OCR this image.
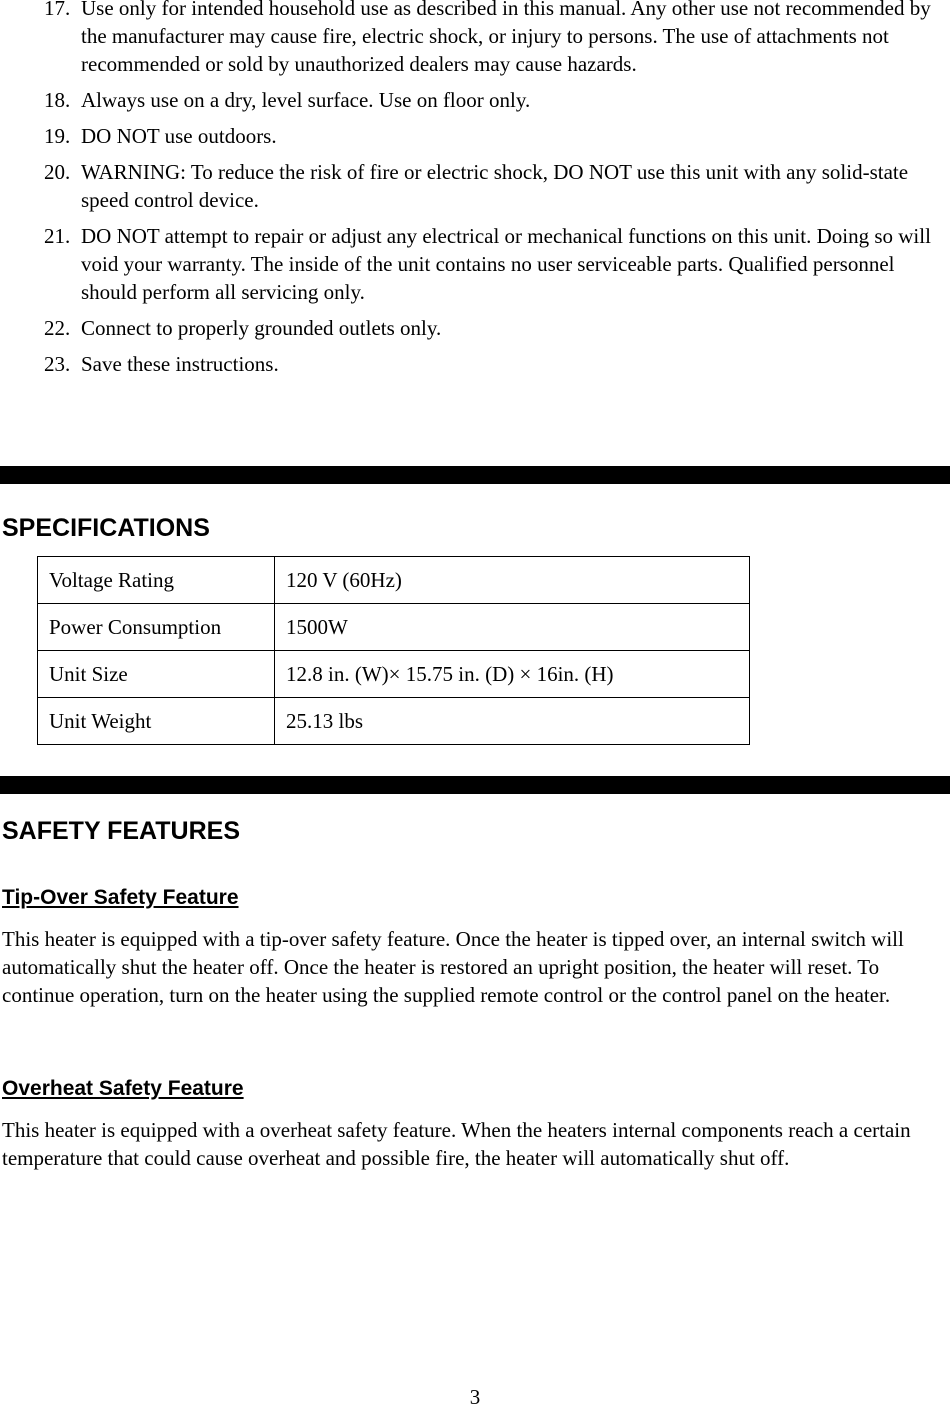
17. Use only for intended household use as described in this manual. Any other use not recommended by the manufacturer may cause fire, electric shock, or injury to persons. The use of attachments not recommended or sold by unauthorized dealers may cause hazards.
18. Always use on a dry, level surface. Use on floor only.
19. DO NOT use outdoors.
20. WARNING: To reduce the risk of fire or electric shock, DO NOT use this unit with any solid-state speed control device.
21. DO NOT attempt to repair or adjust any electrical or mechanical functions on this unit. Doing so will void your warranty. The inside of the unit contains no user serviceable parts. Qualified personnel should perform all servicing only.
22. Connect to properly grounded outlets only.
23. Save these instructions.
SPECIFICATIONS
Voltage Rating	120 V (60Hz)
Power Consumption	1500W
Unit Size	12.8 in. (W)× 15.75 in. (D) × 16in. (H)
Unit Weight	25.13 lbs
SAFETY FEATURES
Tip-Over Safety Feature

This heater is equipped with a tip-over safety feature. Once the heater is tipped over, an internal switch will automatically shut the heater off. Once the heater is restored an upright position, the heater will reset. To continue operation, turn on the heater using the supplied remote control or the control panel on the heater.

Overheat Safety Feature

This heater is equipped with a overheat safety feature. When the heaters internal components reach a certain temperature that could cause overheat and possible fire, the heater will automatically shut off.

3
